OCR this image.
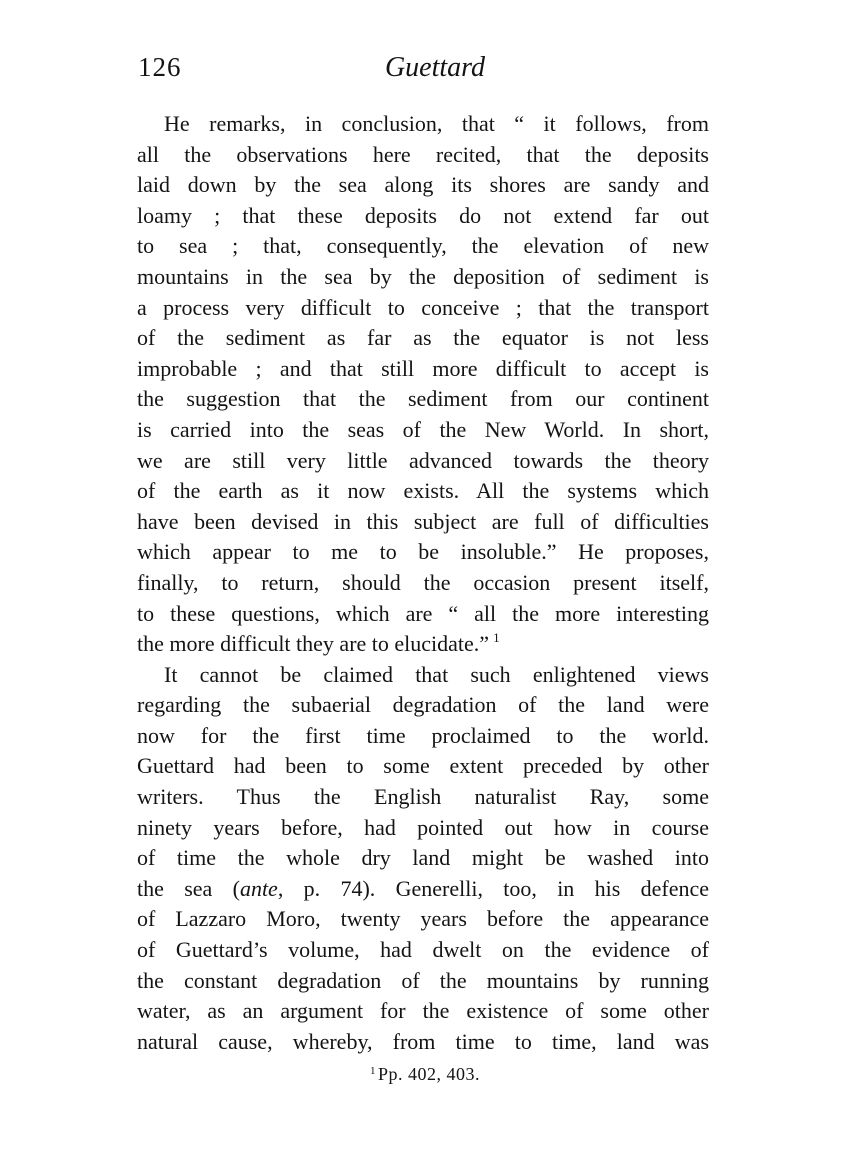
126	Guettard
He remarks, in conclusion, that “ it follows, from
all the observations here recited, that the deposits
laid down by the sea along its shores are sandy and
loamy ; that these deposits do not extend far out
to sea ; that, consequently, the elevation of new
mountains in the sea by the deposition of sediment is
a process very difficult to conceive ; that the transport
of the sediment as far as the equator is not less
improbable ; and that still more difficult to accept is
the suggestion that the sediment from our continent
is carried into the seas of the New World. In short,
we are still very little advanced towards the theory
of the earth as it now exists. All the systems which
have been devised in this subject are full of difficulties
which appear to me to be insoluble.” He proposes,
finally, to return, should the occasion present itself,
to these questions, which are “ all the more interesting
the more difficult they are to elucidate.” $^1$
It cannot be claimed that such enlightened views
regarding the subaerial degradation of the land were
now for the first time proclaimed to the world.
Guettard had been to some extent preceded by other
writers. Thus the English naturalist Ray, some
ninety years before, had pointed out how in course
of time the whole dry land might be washed into
the sea (ante, p. 74). Generelli, too, in his defence
of Lazzaro Moro, twenty years before the appearance
of Guettard’s volume, had dwelt on the evidence of
the constant degradation of the mountains by running
water, as an argument for the existence of some other
natural cause, whereby, from time to time, land was
$^1$ Pp. 402, 403.
